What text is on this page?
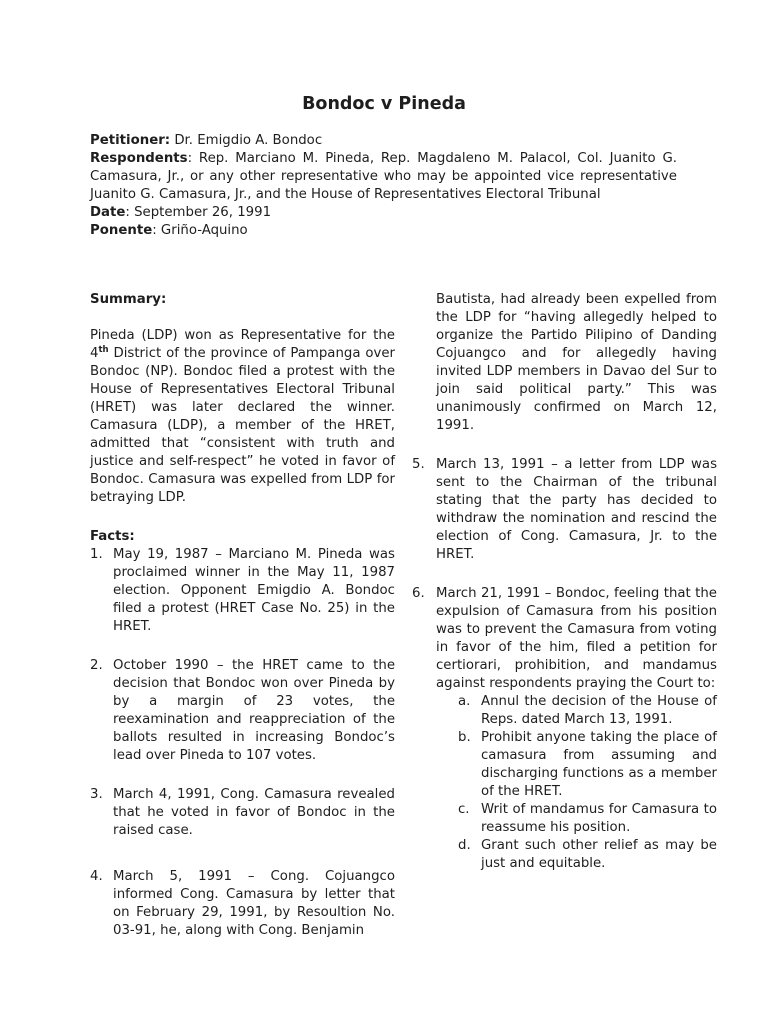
Bondoc v Pineda

Petitioner: Dr. Emigdio A. Bondoc

Respondents: Rep. Marciano M. Pineda, Rep. Magdaleno M. Palacol, Col. Juanito G. Camasura, Jr., or any other representative who may be appointed vice representative Juanito G. Camasura, Jr., and the House of Representatives Electoral Tribunal

Date: September 26, 1991

Ponente: Griño-Aquino

Summary:

Pineda (LDP) won as Representative for the 4th District of the province of Pampanga over Bondoc (NP). Bondoc filed a protest with the House of Representatives Electoral Tribunal (HRET) was later declared the winner. Camasura (LDP), a member of the HRET, admitted that “consistent with truth and justice and self-respect” he voted in favor of Bondoc. Camasura was expelled from LDP for betraying LDP.

Facts:

1. May 19, 1987 – Marciano M. Pineda was proclaimed winner in the May 11, 1987 election. Opponent Emigdio A. Bondoc filed a protest (HRET Case No. 25) in the HRET.

2. October 1990 – the HRET came to the decision that Bondoc won over Pineda by by a margin of 23 votes, the reexamination and reappreciation of the ballots resulted in increasing Bondoc’s lead over Pineda to 107 votes.

3. March 4, 1991, Cong. Camasura revealed that he voted in favor of Bondoc in the raised case.

4. March 5, 1991 – Cong. Cojuangco informed Cong. Camasura by letter that on February 29, 1991, by Resoultion No. 03-91, he, along with Cong. Benjamin

Bautista, had already been expelled from the LDP for “having allegedly helped to organize the Partido Pilipino of Danding Cojuangco and for allegedly having invited LDP members in Davao del Sur to join said political party.” This was unanimously confirmed on March 12, 1991.

5. March 13, 1991 – a letter from LDP was sent to the Chairman of the tribunal stating that the party has decided to withdraw the nomination and rescind the election of Cong. Camasura, Jr. to the HRET.

6. March 21, 1991 – Bondoc, feeling that the expulsion of Camasura from his position was to prevent the Camasura from voting in favor of the him, filed a petition for certiorari, prohibition, and mandamus against respondents praying the Court to:

a. Annul the decision of the House of Reps. dated March 13, 1991.

b. Prohibit anyone taking the place of camasura from assuming and discharging functions as a member of the HRET.

c. Writ of mandamus for Camasura to reassume his position.

d. Grant such other relief as may be just and equitable.
